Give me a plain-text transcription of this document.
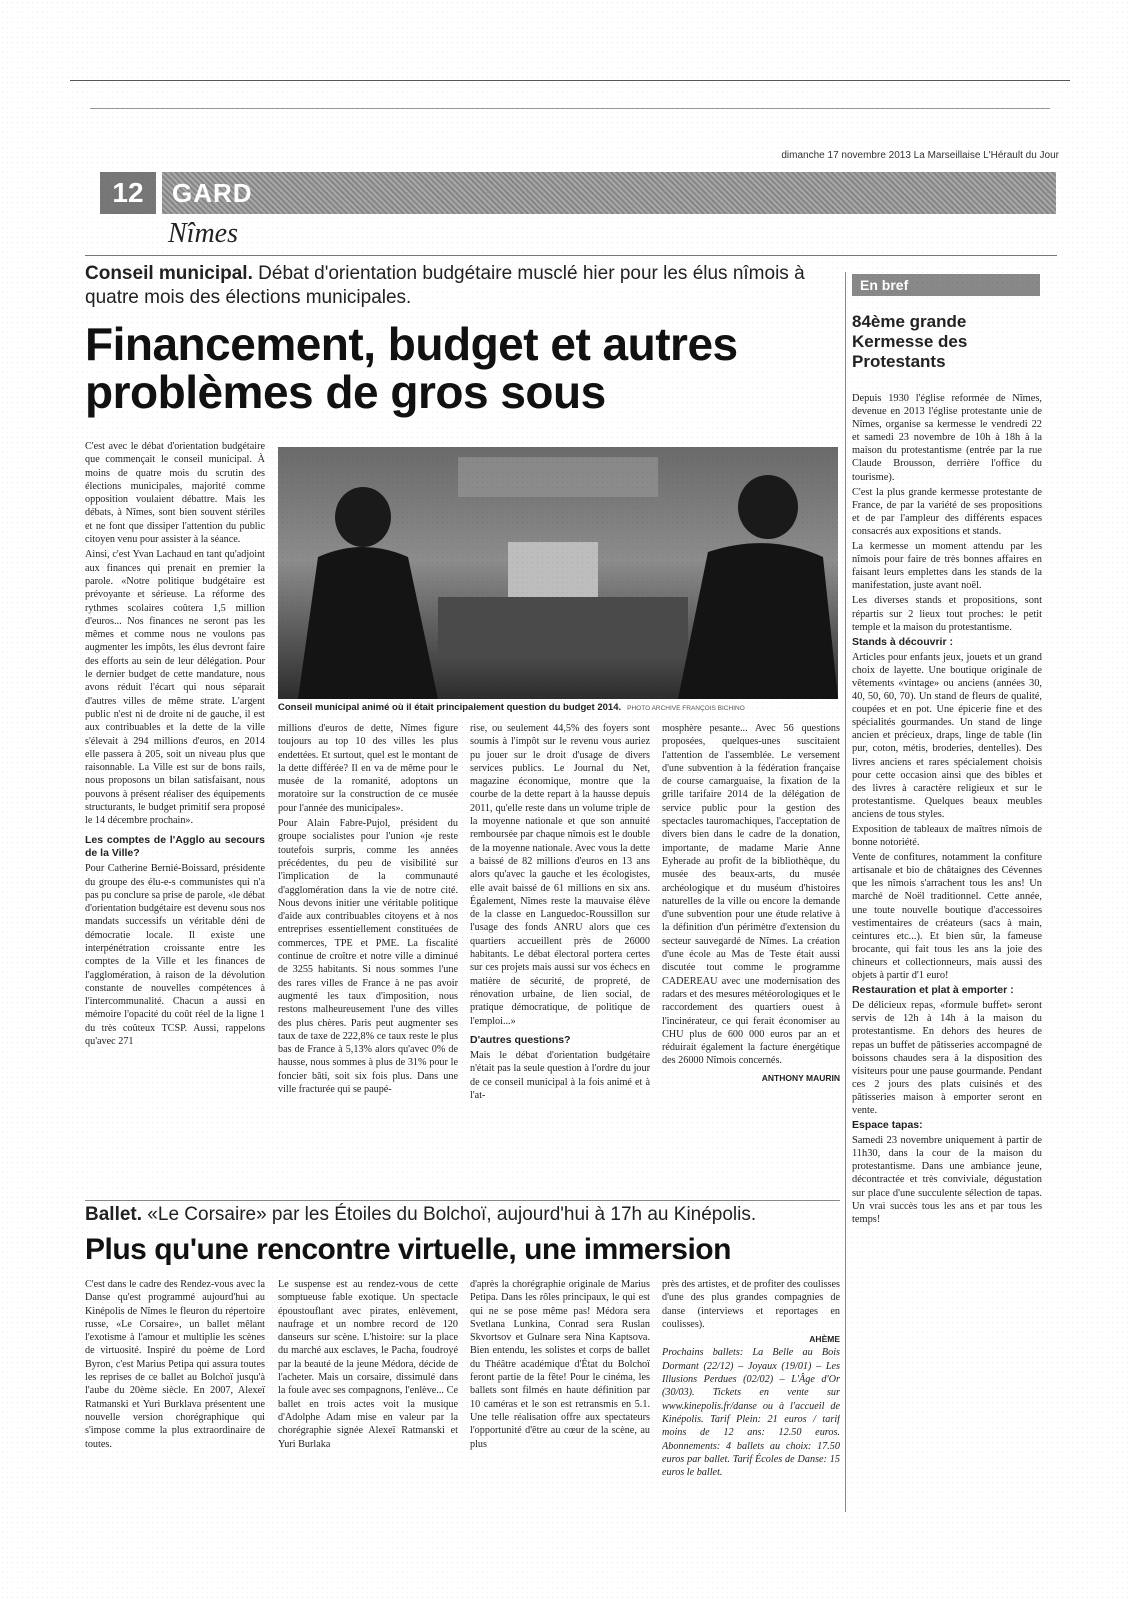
dimanche 17 novembre 2013 La Marseillaise L'Hérault du Jour
12	GARD
Nîmes
Conseil municipal. Débat d'orientation budgétaire musclé hier pour les élus nîmois à quatre mois des élections municipales.
Financement, budget et autres problèmes de gros sous

C'est avec le débat d'orientation budgétaire que commençait le conseil municipal. À moins de quatre mois du scrutin des élections municipales, majorité comme opposition voulaient débattre. Mais les débats, à Nîmes, sont bien souvent stériles et ne font que dissiper l'attention du public citoyen venu pour assister à la séance.

Ainsi, c'est Yvan Lachaud en tant qu'adjoint aux finances qui prenait en premier la parole. «Notre politique budgétaire est prévoyante et sérieuse. La réforme des rythmes scolaires coûtera 1,5 million d'euros... Nos finances ne seront pas les mêmes et comme nous ne voulons pas augmenter les impôts, les élus devront faire des efforts au sein de leur délégation. Pour le dernier budget de cette mandature, nous avons réduit l'écart qui nous séparait d'autres villes de même strate. L'argent public n'est ni de droite ni de gauche, il est aux contribuables et la dette de la ville s'élevait à 294 millions d'euros, en 2014 elle passera à 205, soit un niveau plus que raisonnable. La Ville est sur de bons rails, nous proposons un bilan satisfaisant, nous pouvons à présent réaliser des équipements structurants, le budget primitif sera proposé le 14 décembre prochain».

Les comptes de l'Agglo au secours de la Ville?

Pour Catherine Bernié-Boissard, présidente du groupe des élu-e-s communistes qui n'a pas pu conclure sa prise de parole, «le débat d'orientation budgétaire est devenu sous nos mandats successifs un véritable déni de démocratie locale. Il existe une interpénétration croissante entre les comptes de la Ville et les finances de l'agglomération, à raison de la dévolution constante de nouvelles compétences à l'intercommunalité. Chacun a aussi en mémoire l'opacité du coût réel de la ligne 1 du très coûteux TCSP. Aussi, rappelons qu'avec 271

Conseil municipal animé où il était principalement question du budget 2014. PHOTO ARCHIVE FRANÇOIS BICHINO

millions d'euros de dette, Nîmes figure toujours au top 10 des villes les plus endettées. Et surtout, quel est le montant de la dette différée? Il en va de même pour le musée de la romanité, adoptons un moratoire sur la construction de ce musée pour l'année des municipales».

Pour Alain Fabre-Pujol, président du groupe socialistes pour l'union «je reste toutefois surpris, comme les années précédentes, du peu de visibilité sur l'implication de la communauté d'agglomération dans la vie de notre cité. Nous devons initier une véritable politique d'aide aux contribuables citoyens et à nos entreprises essentiellement constituées de commerces, TPE et PME. La fiscalité continue de croître et notre ville a diminué de 3255 habitants. Si nous sommes l'une des rares villes de France à ne pas avoir augmenté les taux d'imposition, nous restons malheureusement l'une des villes des plus chères. Paris peut augmenter ses taux de taxe de 222,8% ce taux reste le plus bas de France à 5,13% alors qu'avec 0% de hausse, nous sommes à plus de 31% pour le foncier bâti, soit six fois plus. Dans une ville fracturée qui se paupé-

rise, ou seulement 44,5% des foyers sont soumis à l'impôt sur le revenu vous auriez pu jouer sur le droit d'usage de divers services publics. Le Journal du Net, magazine économique, montre que la courbe de la dette repart à la hausse depuis 2011, qu'elle reste dans un volume triple de la moyenne nationale et que son annuité remboursée par chaque nîmois est le double de la moyenne nationale. Avec vous la dette a baissé de 82 millions d'euros en 13 ans alors qu'avec la gauche et les écologistes, elle avait baissé de 61 millions en six ans. Également, Nîmes reste la mauvaise élève de la classe en Languedoc-Roussillon sur l'usage des fonds ANRU alors que ces quartiers accueillent près de 26000 habitants. Le débat électoral portera certes sur ces projets mais aussi sur vos échecs en matière de sécurité, de propreté, de rénovation urbaine, de lien social, de pratique démocratique, de politique de l'emploi...»

D'autres questions?

Mais le débat d'orientation budgétaire n'était pas la seule question à l'ordre du jour de ce conseil municipal à la fois animé et à l'at-

mosphère pesante... Avec 56 questions proposées, quelques-unes suscitaient l'attention de l'assemblée. Le versement d'une subvention à la fédération française de course camarguaise, la fixation de la grille tarifaire 2014 de la délégation de service public pour la gestion des spectacles tauromachiques, l'acceptation de divers bien dans le cadre de la donation, importante, de madame Marie Anne Eyherade au profit de la bibliothèque, du musée des beaux-arts, du musée archéologique et du muséum d'histoires naturelles de la ville ou encore la demande d'une subvention pour une étude relative à la définition d'un périmètre d'extension du secteur sauvegardé de Nîmes. La création d'une école au Mas de Teste était aussi discutée tout comme le programme CADEREAU avec une modernisation des radars et des mesures météorologiques et le raccordement des quartiers ouest à l'incinérateur, ce qui ferait économiser au CHU plus de 600 000 euros par an et réduirait également la facture énergétique des 26000 Nîmois concernés.

ANTHONY MAURIN
En bref
84ème grande Kermesse des Protestants

Depuis 1930 l'église reformée de Nîmes, devenue en 2013 l'église protestante unie de Nîmes, organise sa kermesse le vendredi 22 et samedi 23 novembre de 10h à 18h à la maison du protestantisme (entrée par la rue Claude Brousson, derrière l'office du tourisme).

C'est la plus grande kermesse protestante de France, de par la variété de ses propositions et de par l'ampleur des différents espaces consacrés aux expositions et stands.

La kermesse un moment attendu par les nîmois pour faire de très bonnes affaires en faisant leurs emplettes dans les stands de la manifestation, juste avant noël.

Les diverses stands et propositions, sont répartis sur 2 lieux tout proches: le petit temple et la maison du protestantisme.

Stands à découvrir :

Articles pour enfants jeux, jouets et un grand choix de layette. Une boutique originale de vêtements «vintage» ou anciens (années 30, 40, 50, 60, 70). Un stand de fleurs de qualité, coupées et en pot. Une épicerie fine et des spécialités gourmandes. Un stand de linge ancien et précieux, draps, linge de table (lin pur, coton, métis, broderies, dentelles). Des livres anciens et rares spécialement choisis pour cette occasion ainsi que des bibles et des livres à caractère religieux et sur le protestantisme. Quelques beaux meubles anciens de tous styles.

Exposition de tableaux de maîtres nîmois de bonne notoriété.

Vente de confitures, notamment la confiture artisanale et bio de châtaignes des Cévennes que les nîmois s'arrachent tous les ans! Un marché de Noël traditionnel. Cette année, une toute nouvelle boutique d'accessoires vestimentaires de créateurs (sacs à main, ceintures etc...). Et bien sûr, la fameuse brocante, qui fait tous les ans la joie des chineurs et collectionneurs, mais aussi des objets à partir d'1 euro!

Restauration et plat à emporter :

De délicieux repas, «formule buffet» seront servis de 12h à 14h à la maison du protestantisme. En dehors des heures de repas un buffet de pâtisseries accompagné de boissons chaudes sera à la disposition des visiteurs pour une pause gourmande. Pendant ces 2 jours des plats cuisinés et des pâtisseries maison à emporter seront en vente.

Espace tapas:

Samedi 23 novembre uniquement à partir de 11h30, dans la cour de la maison du protestantisme. Dans une ambiance jeune, décontractée et très conviviale, dégustation sur place d'une succulente sélection de tapas. Un vrai succès tous les ans et par tous les temps!

Ballet. «Le Corsaire» par les Étoiles du Bolchoï, aujourd'hui à 17h au Kinépolis.
Plus qu'une rencontre virtuelle, une immersion

C'est dans le cadre des Rendez-vous avec la Danse qu'est programmé aujourd'hui au Kinépolis de Nîmes le fleuron du répertoire russe, «Le Corsaire», un ballet mêlant l'exotisme à l'amour et multiplie les scènes de virtuosité. Inspiré du poème de Lord Byron, c'est Marius Petipa qui assura toutes les reprises de ce ballet au Bolchoï jusqu'à l'aube du 20ème siècle. En 2007, Alexeï Ratmanski et Yuri Burklava présentent une nouvelle version chorégraphique qui s'impose comme la plus extraordinaire de toutes.

Le suspense est au rendez-vous de cette somptueuse fable exotique. Un spectacle époustouflant avec pirates, enlèvement, naufrage et un nombre record de 120 danseurs sur scène. L'histoire: sur la place du marché aux esclaves, le Pacha, foudroyé par la beauté de la jeune Médora, décide de l'acheter. Mais un corsaire, dissimulé dans la foule avec ses compagnons, l'enlève... Ce ballet en trois actes voit la musique d'Adolphe Adam mise en valeur par la chorégraphie signée Alexeï Ratmanski et Yuri Burlaka

d'après la chorégraphie originale de Marius Petipa. Dans les rôles principaux, le qui est qui ne se pose même pas! Médora sera Svetlana Lunkina, Conrad sera Ruslan Skvortsov et Gulnare sera Nina Kaptsova. Bien entendu, les solistes et corps de ballet du Théâtre académique d'État du Bolchoï feront partie de la fête! Pour le cinéma, les ballets sont filmés en haute définition par 10 caméras et le son est retransmis en 5.1. Une telle réalisation offre aux spectateurs l'opportunité d'être au cœur de la scène, au plus

près des artistes, et de profiter des coulisses d'une des plus grandes compagnies de danse (interviews et reportages en coulisses).

AHÈME

Prochains ballets: La Belle au Bois Dormant (22/12) – Joyaux (19/01) – Les Illusions Perdues (02/02) – L'Âge d'Or (30/03). Tickets en vente sur www.kinepolis.fr/danse ou à l'accueil de Kinépolis. Tarif Plein: 21 euros / tarif moins de 12 ans: 12.50 euros. Abonnements: 4 ballets au choix: 17.50 euros par ballet. Tarif Écoles de Danse: 15 euros le ballet.
